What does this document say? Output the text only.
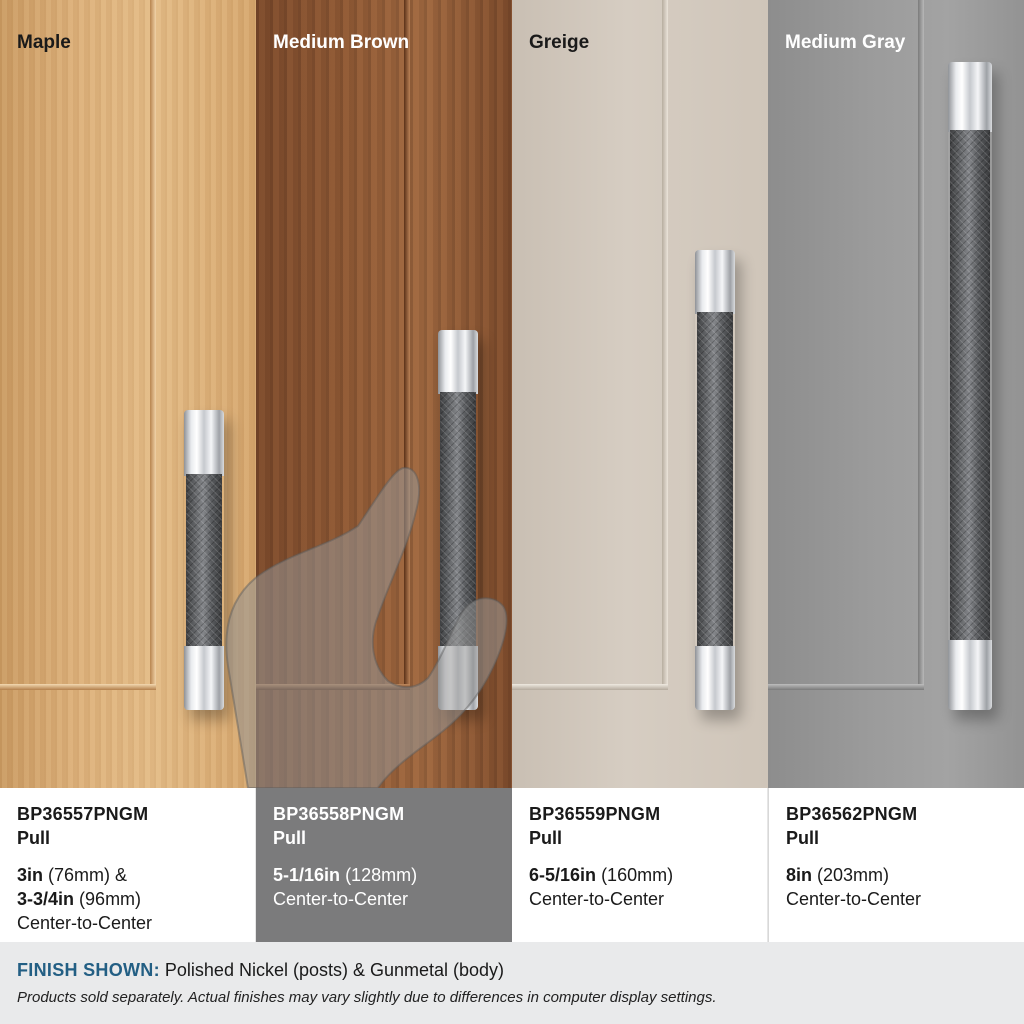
Maple	Medium Brown	Greige	Medium Gray
BP36557PNGM
Pull
3in (76mm) &
3-3/4in (96mm)
Center-to-Center
BP36558PNGM
Pull
5-1/16in (128mm)
Center-to-Center
BP36559PNGM
Pull
6-5/16in (160mm)
Center-to-Center
BP36562PNGM
Pull
8in (203mm)
Center-to-Center
FINISH SHOWN: Polished Nickel (posts) & Gunmetal (body)
Products sold separately. Actual finishes may vary slightly due to differences in computer display settings.
